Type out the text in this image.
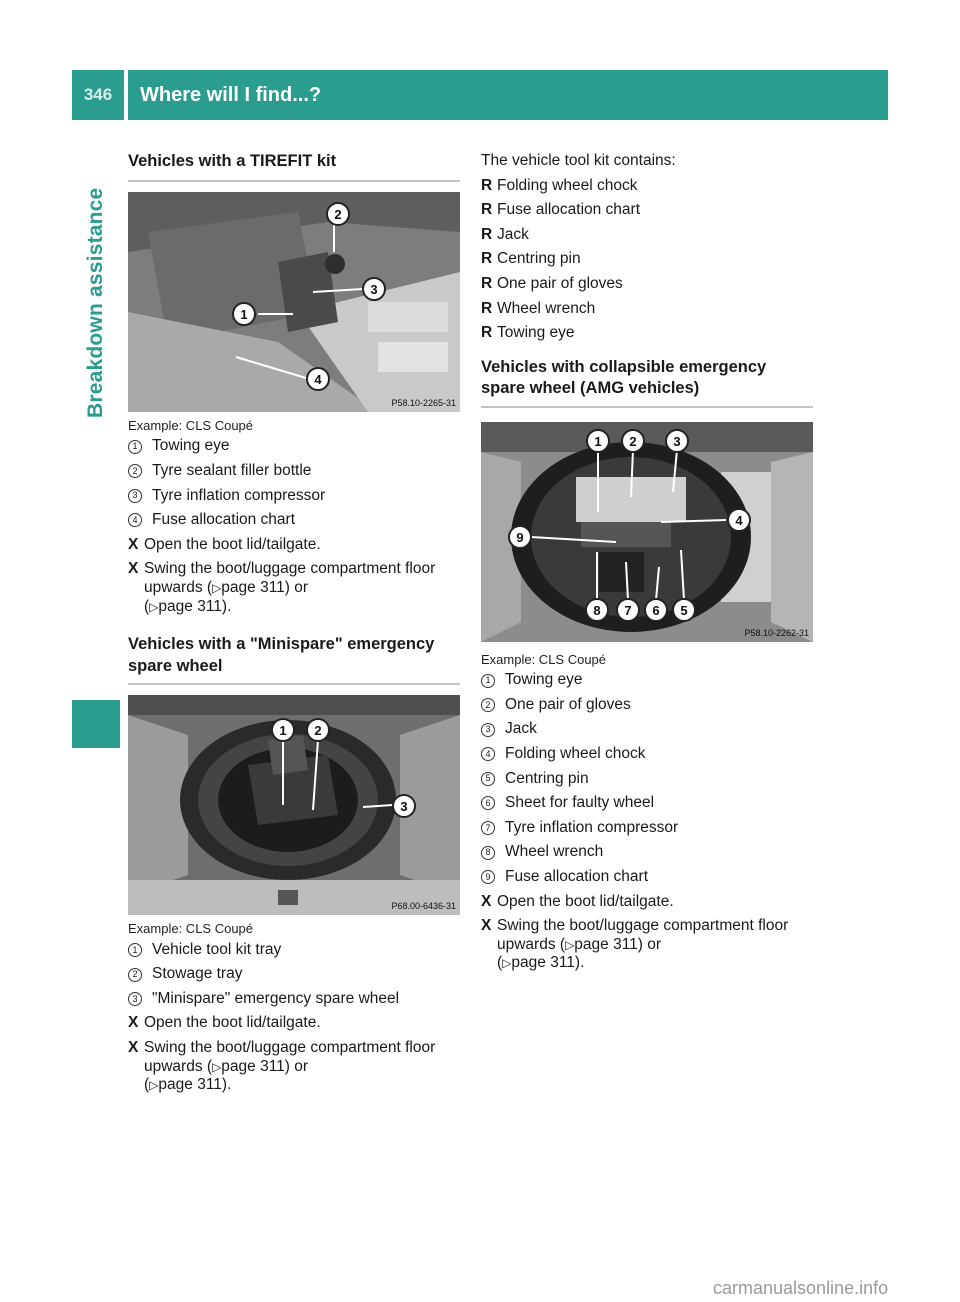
346	Where will I find...?
Breakdown assistance
Vehicles with a TIREFIT kit
2
3
1
4
P58.10-2265-31
Example: CLS Coupé
1 Towing eye
2 Tyre sealant filler bottle
3 Tyre inflation compressor
4 Fuse allocation chart
X Open the boot lid/tailgate.
X Swing the boot/luggage compartment floor upwards (▷page 311) or
(▷page 311).
Vehicles with a "Minispare" emergency spare wheel
1 2
3
P68.00-6436-31
Example: CLS Coupé
1 Vehicle tool kit tray
2 Stowage tray
3 "Minispare" emergency spare wheel
X Open the boot lid/tailgate.
X Swing the boot/luggage compartment floor upwards (▷page 311) or
(▷page 311).

The vehicle tool kit contains:

R Folding wheel chock
R Fuse allocation chart
R Jack
R Centring pin
R One pair of gloves
R Wheel wrench
R Towing eye
Vehicles with collapsible emergency spare wheel (AMG vehicles)
1 2	3
4
9
8 7 6 5
P58.10-2262-31
Example: CLS Coupé
1 Towing eye
2 One pair of gloves
3 Jack
4 Folding wheel chock
5 Centring pin
6 Sheet for faulty wheel
7 Tyre inflation compressor
8 Wheel wrench
9 Fuse allocation chart
X Open the boot lid/tailgate.
X Swing the boot/luggage compartment floor upwards (▷page 311) or
(▷page 311).
carmanualsonline.info
